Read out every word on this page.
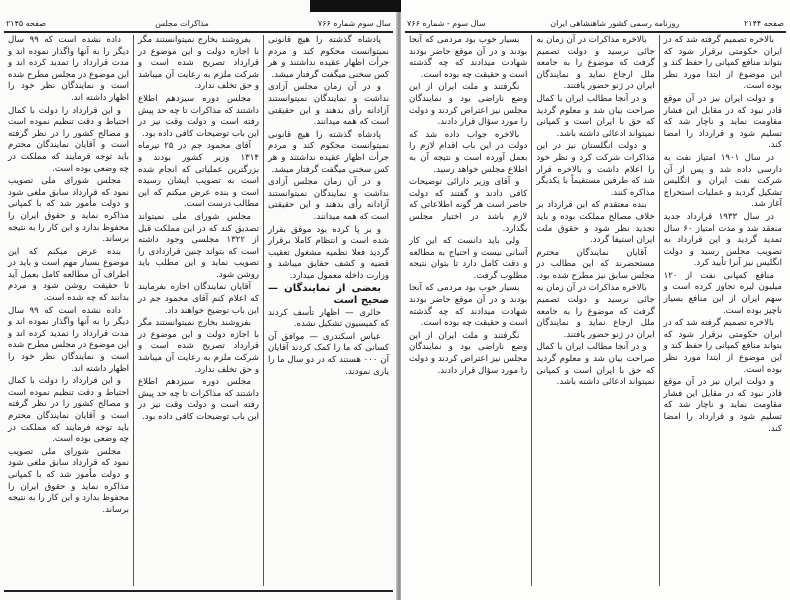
سال سوم شماره ۷۶۶
مذاکرات مجلس
صفحه ۲۱۴۵

پادشاه گذشته را هیچ قانونی نمیتوانست محکوم کند و مردم جرأت اظهار عقیده نداشتند و هر کس سخنی میگفت گرفتار میشد.

و در آن زمان مجلس آزادی نداشت و نمایندگان نمیتوانستند آزادانه رأی بدهند و این حقیقتی است که همه میدانند.

پادشاه گذشته را هیچ قانونی نمیتوانست محکوم کند و مردم جرأت اظهار عقیده نداشتند و هر کس سخنی میگفت گرفتار میشد.

و در آن زمان مجلس آزادی نداشت و نمایندگان نمیتوانستند آزادانه رأی بدهند و این حقیقتی است که همه میدانند.

و بر پا کرده بود موفق بقرار شده است و انتظام کاملا برقرار گردید فعلا نظمیه مشغول تعقیب قضیه و کشف حقایق میباشد و وزارت داخله معمول میدارد.

بعضی از نمایندگان — صحیح است

حائری — اظهار تأسف کردند که کمیسیون تشکیل نشده.

عباس اسکندری — موافق آن کسانی که ما را کمک کردند آقایان آن ۰۰۰ هستند که در دو سال ما را یاری نمودند.

بفروشند بخارج نمیتوانستند مگر با اجازه دولت و این موضوع در قرارداد تصریح شده است و شرکت ملزم به رعایت آن میباشد و حق تخلف ندارد.

مجلس دوره سیزدهم اطلاع داشتند که مذاکرات تا چه حد پیش رفته است و دولت وقت نیز در این باب توضیحات کافی داده بود.

آقای محمود جم در ۲۵ تیرماه ۱۳۱۴ وزیر کشور بودند و بزرگترین عملیاتی که انجام شده است به تصویب ایشان رسیده است و بنده عرض میکنم که این مطالب درست است.

مجلس شورای ملی نمیتواند تصدیق کند که در این مملکت قبل از ۱۳۲۲ مجلسی وجود داشته است که بتواند چنین قراردادی را تصویب نماید و این مطلب باید روشن شود.

آقایان نمایندگان اجازه بفرمایند که اعلام کنم آقای محمود جم در این باب توضیح خواهند داد.

بفروشند بخارج نمیتوانستند مگر با اجازه دولت و این موضوع در قرارداد تصریح شده است و شرکت ملزم به رعایت آن میباشد و حق تخلف ندارد.

مجلس دوره سیزدهم اطلاع داشتند که مذاکرات تا چه حد پیش رفته است و دولت وقت نیز در این باب توضیحات کافی داده بود.

داده نشده است که ۹۹ سال دیگر را به آنها واگذار نموده اند و مدت قرارداد را تمدید کرده اند و این موضوع در مجلس مطرح شده است و نمایندگان نظر خود را اظهار داشته اند.

و این قرارداد را دولت با کمال احتیاط و دقت تنظیم نموده است و مصالح کشور را در نظر گرفته است و آقایان نمایندگان محترم باید توجه فرمایند که مملکت در چه وضعی بوده است.

مجلس شورای ملی تصویب نمود که قرارداد سابق ملغی شود و دولت مأمور شد که با کمپانی مذاکره نماید و حقوق ایران را محفوظ بدارد و این کار را به نتیجه برساند.

بنده عرض میکنم که این موضوع بسیار مهم است و باید در اطراف آن مطالعه کامل بعمل آید تا حقیقت روشن شود و مردم بدانند که چه شده است.

داده نشده است که ۹۹ سال دیگر را به آنها واگذار نموده اند و مدت قرارداد را تمدید کرده اند و این موضوع در مجلس مطرح شده است و نمایندگان نظر خود را اظهار داشته اند.

و این قرارداد را دولت با کمال احتیاط و دقت تنظیم نموده است و مصالح کشور را در نظر گرفته است و آقایان نمایندگان محترم باید توجه فرمایند که مملکت در چه وضعی بوده است.

مجلس شورای ملی تصویب نمود که قرارداد سابق ملغی شود و دولت مأمور شد که با کمپانی مذاکره نماید و حقوق ایران را محفوظ بدارد و این کار را به نتیجه برساند.

صفحه ۲۱۴۴
روزنامه رسمی کشور شاهنشاهی ایران
سال سوم - شماره ۷۶۶

بالاخره تصمیم گرفته شد که در ایران حکومتی برقرار شود که بتواند منافع کمپانی را حفظ کند و این موضوع از ابتدا مورد نظر بوده است.

و دولت ایران نیز در آن موقع قادر نبود که در مقابل این فشار مقاومت نماید و ناچار شد که تسلیم شود و قرارداد را امضا کند.

در سال ۱۹۰۱ امتیاز نفت به دارسی داده شد و پس از آن شرکت نفت ایران و انگلیس تشکیل گردید و عملیات استخراج آغاز شد.

در سال ۱۹۳۳ قرارداد جدید منعقد شد و مدت امتیاز ۶۰ سال تمدید گردید و این قرارداد به تصویب مجلس رسید و دولت انگلیس نیز آنرا تأیید کرد.

منافع کمپانی نفت از ۱۲۰ میلیون لیره تجاوز کرده است و سهم ایران از این منافع بسیار ناچیز بوده است.

بالاخره تصمیم گرفته شد که در ایران حکومتی برقرار شود که بتواند منافع کمپانی را حفظ کند و این موضوع از ابتدا مورد نظر بوده است.

و دولت ایران نیز در آن موقع قادر نبود که در مقابل این فشار مقاومت نماید و ناچار شد که تسلیم شود و قرارداد را امضا کند.

بالاخره مذاکرات در آن زمان به جائی نرسید و دولت تصمیم گرفت که موضوع را به جامعه ملل ارجاع نماید و نمایندگان ایران در ژنو حضور یافتند.

و در آنجا مطالب ایران با کمال صراحت بیان شد و معلوم گردید که حق با ایران است و کمپانی نمیتواند ادعائی داشته باشد.

و دولت انگلستان نیز در این مذاکرات شرکت کرد و نظر خود را اعلام داشت و بالاخره قرار شد که طرفین مستقیماً با یکدیگر مذاکره کنند.

بنده معتقدم که این قرارداد بر خلاف مصالح مملکت بوده و باید تجدید نظر شود و حقوق ملت ایران استیفا گردد.

آقایان نمایندگان محترم مستحضرند که این مطالب در مجلس سابق نیز مطرح شده بود.

بالاخره مذاکرات در آن زمان به جائی نرسید و دولت تصمیم گرفت که موضوع را به جامعه ملل ارجاع نماید و نمایندگان ایران در ژنو حضور یافتند.

و در آنجا مطالب ایران با کمال صراحت بیان شد و معلوم گردید که حق با ایران است و کمپانی نمیتواند ادعائی داشته باشد.

بسیار خوب بود مردمی که آنجا بودند و در آن موقع حاضر بودند شهادت میدادند که چه گذشته است و حقیقت چه بوده است.

نگرفتند و ملت ایران از این وضع ناراضی بود و نمایندگان مجلس نیز اعتراض کردند و دولت را مورد سؤال قرار دادند.

بالاخره جواب داده شد که دولت در این باب اقدام لازم را بعمل آورده است و نتیجه آن به اطلاع مجلس خواهد رسید.

و آقای وزیر دارائی توضیحات کافی دادند و گفتند که دولت حاضر است هر گونه اطلاعاتی که لازم باشد در اختیار مجلس بگذارد.

ولی باید دانست که این کار آسانی نیست و احتیاج به مطالعه و دقت کامل دارد تا بتوان نتیجه مطلوب گرفت.

بسیار خوب بود مردمی که آنجا بودند و در آن موقع حاضر بودند شهادت میدادند که چه گذشته است و حقیقت چه بوده است.

نگرفتند و ملت ایران از این وضع ناراضی بود و نمایندگان مجلس نیز اعتراض کردند و دولت را مورد سؤال قرار دادند.
